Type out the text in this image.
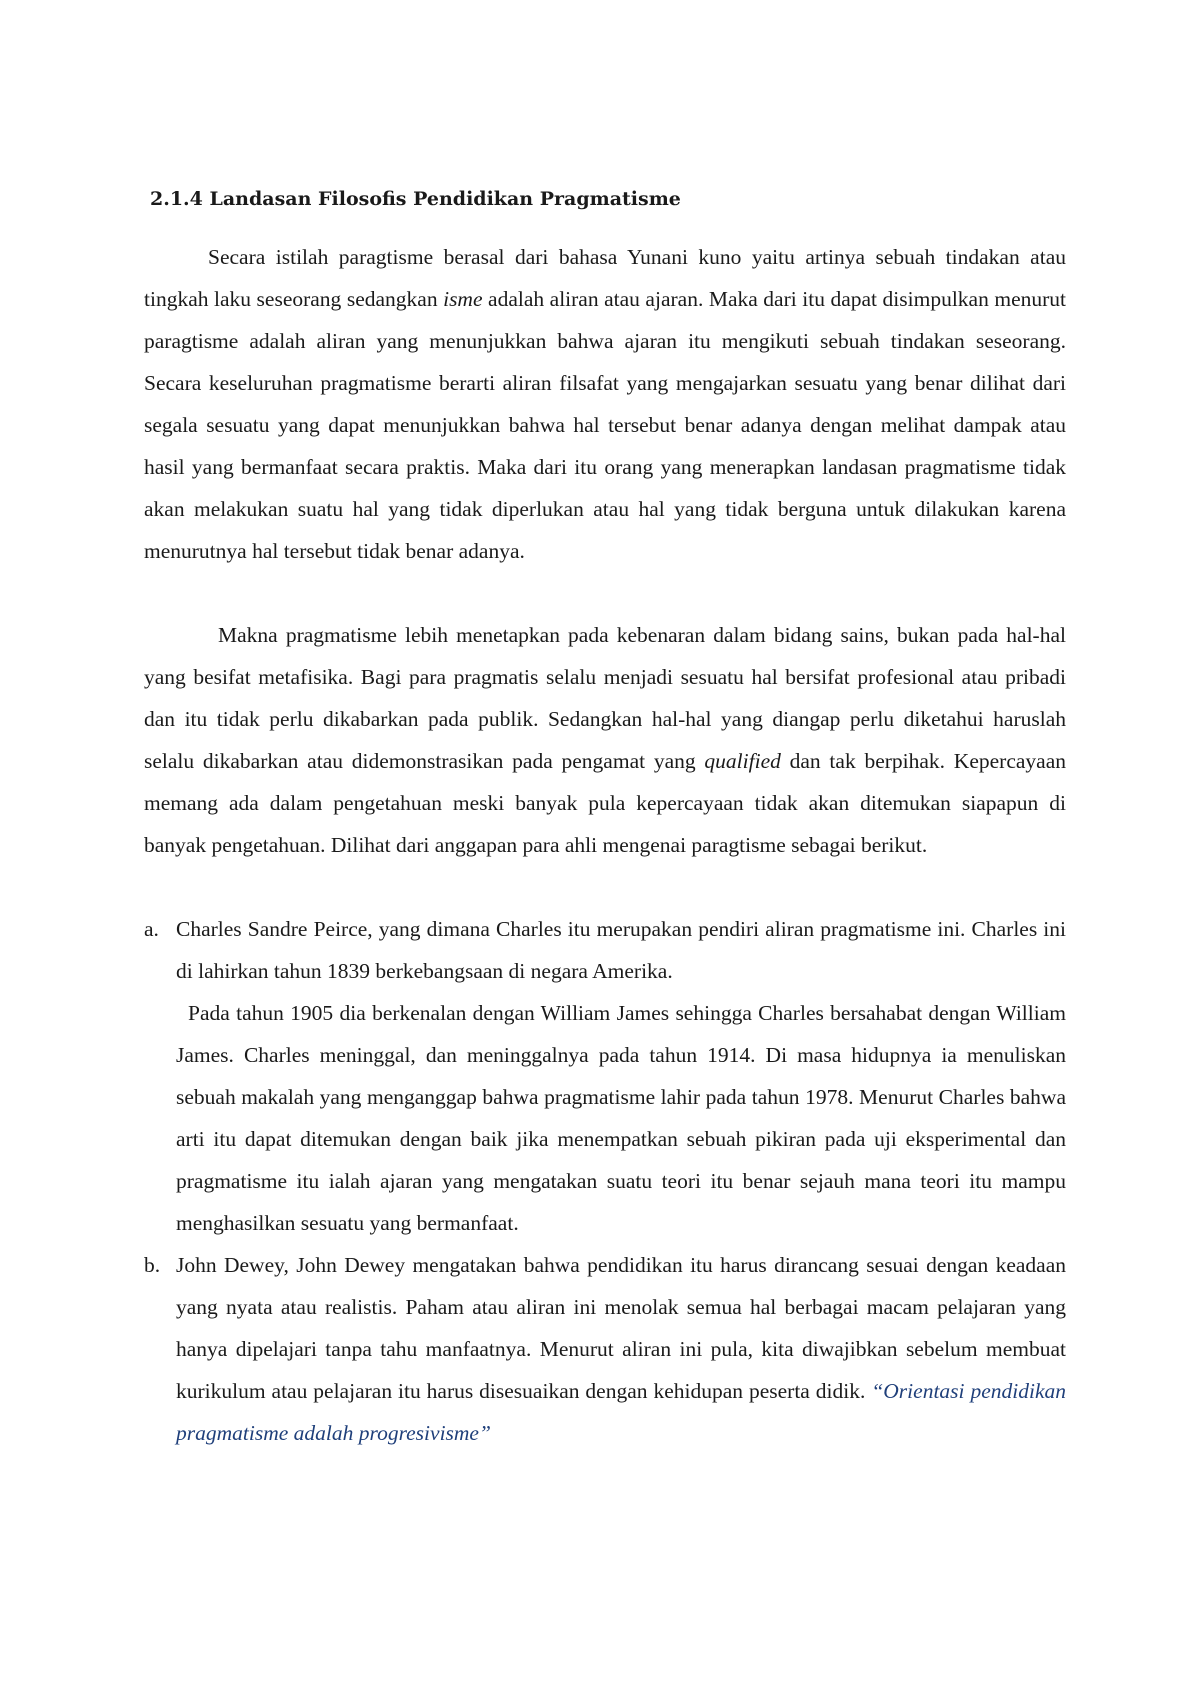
2.1.4 Landasan Filosofis Pendidikan Pragmatisme

Secara istilah paragtisme berasal dari bahasa Yunani kuno yaitu artinya sebuah tindakan atau tingkah laku seseorang sedangkan isme adalah aliran atau ajaran. Maka dari itu dapat disimpulkan menurut paragtisme adalah aliran yang menunjukkan bahwa ajaran itu mengikuti sebuah tindakan seseorang. Secara keseluruhan pragmatisme berarti aliran filsafat yang mengajarkan sesuatu yang benar dilihat dari segala sesuatu yang dapat menunjukkan bahwa hal tersebut benar adanya dengan melihat dampak atau hasil yang bermanfaat secara praktis. Maka dari itu orang yang menerapkan landasan pragmatisme tidak akan melakukan suatu hal yang tidak diperlukan atau hal yang tidak berguna untuk dilakukan karena menurutnya hal tersebut tidak benar adanya.

Makna pragmatisme lebih menetapkan pada kebenaran dalam bidang sains, bukan pada hal-hal yang besifat metafisika. Bagi para pragmatis selalu menjadi sesuatu hal bersifat profesional atau pribadi dan itu tidak perlu dikabarkan pada publik. Sedangkan hal-hal yang diangap perlu diketahui haruslah selalu dikabarkan atau didemonstrasikan pada pengamat yang qualified dan tak berpihak. Kepercayaan memang ada dalam pengetahuan meski banyak pula kepercayaan tidak akan ditemukan siapapun di banyak pengetahuan. Dilihat dari anggapan para ahli mengenai paragtisme sebagai berikut.

a. Charles Sandre Peirce, yang dimana Charles itu merupakan pendiri aliran pragmatisme ini. Charles ini di lahirkan tahun 1839 berkebangsaan di negara Amerika.
Pada tahun 1905 dia berkenalan dengan William James sehingga Charles bersahabat dengan William James. Charles meninggal, dan meninggalnya pada tahun 1914. Di masa hidupnya ia menuliskan sebuah makalah yang menganggap bahwa pragmatisme lahir pada tahun 1978. Menurut Charles bahwa arti itu dapat ditemukan dengan baik jika menempatkan sebuah pikiran pada uji eksperimental dan pragmatisme itu ialah ajaran yang mengatakan suatu teori itu benar sejauh mana teori itu mampu menghasilkan sesuatu yang bermanfaat.
b. John Dewey, John Dewey mengatakan bahwa pendidikan itu harus dirancang sesuai dengan keadaan yang nyata atau realistis. Paham atau aliran ini menolak semua hal berbagai macam pelajaran yang hanya dipelajari tanpa tahu manfaatnya. Menurut aliran ini pula, kita diwajibkan sebelum membuat kurikulum atau pelajaran itu harus disesuaikan dengan kehidupan peserta didik. “Orientasi pendidikan pragmatisme adalah progresivisme”
